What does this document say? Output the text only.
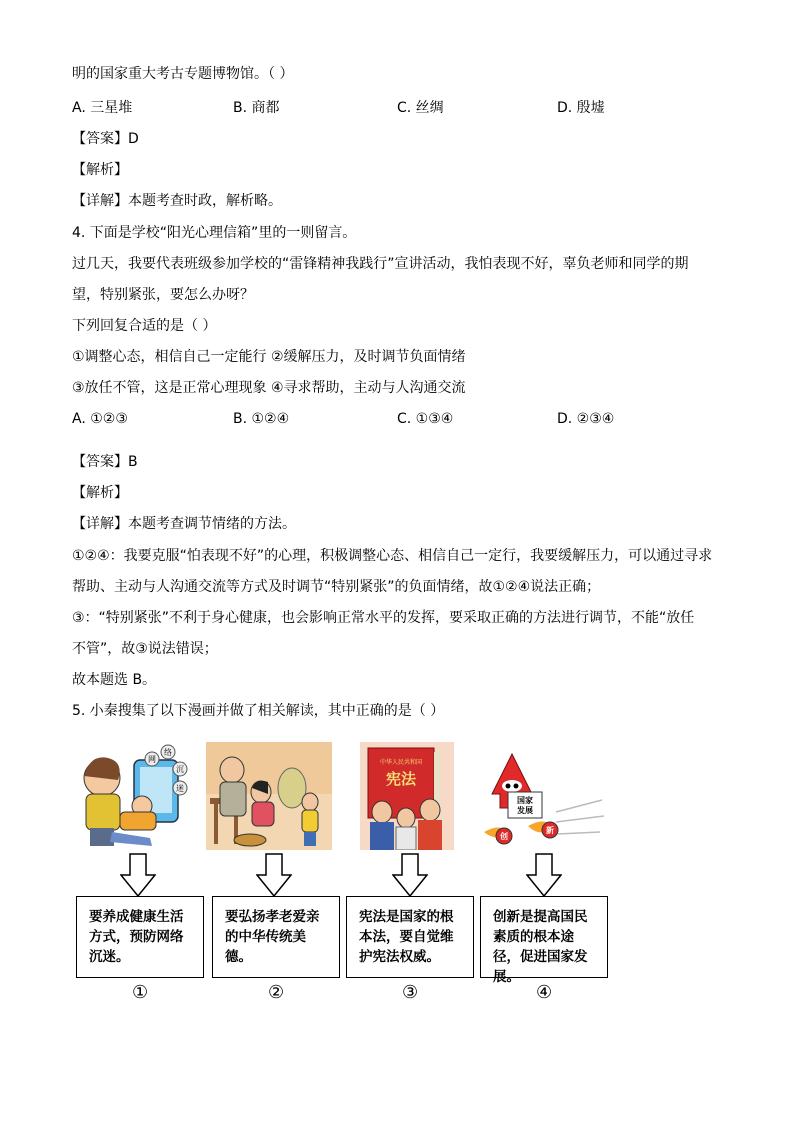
明的国家重大考古专题博物馆。（ ）
A. 三星堆	B. 商都	C. 丝绸	D. 殷墟
【答案】D
【解析】
【详解】本题考查时政，解析略。
4. 下面是学校“阳光心理信箱”里的一则留言。
过几天，我要代表班级参加学校的“雷锋精神我践行”宣讲活动，我怕表现不好，辜负老师和同学的期
望，特别紧张，要怎么办呀？
下列回复合适的是（ ）
①调整心态，相信自己一定能行 ②缓解压力，及时调节负面情绪
③放任不管，这是正常心理现象 ④寻求帮助，主动与人沟通交流
A. ①②③	B. ①②④	C. ①③④	D. ②③④
【答案】B
【解析】
【详解】本题考查调节情绪的方法。
①②④：我要克服“怕表现不好”的心理，积极调整心态、相信自己一定行，我要缓解压力，可以通过寻求
帮助、主动与人沟通交流等方式及时调节“特别紧张”的负面情绪，故①②④说法正确；
③：“特别紧张”不利于身心健康，也会影响正常水平的发挥，要采取正确的方法进行调节，不能“放任
不管”，故③说法错误；
故本题选 B。
5. 小秦搜集了以下漫画并做了相关解读，其中正确的是（ ）
网
络
沉
迷
中华人民共和国
宪法
国家
发展
创
新
要养成健康生活方式，预防网络沉迷。
要弘扬孝老爱亲的中华传统美德。
宪法是国家的根本法，要自觉维护宪法权威。
创新是提高国民素质的根本途径，促进国家发展。
①	②	③	④
